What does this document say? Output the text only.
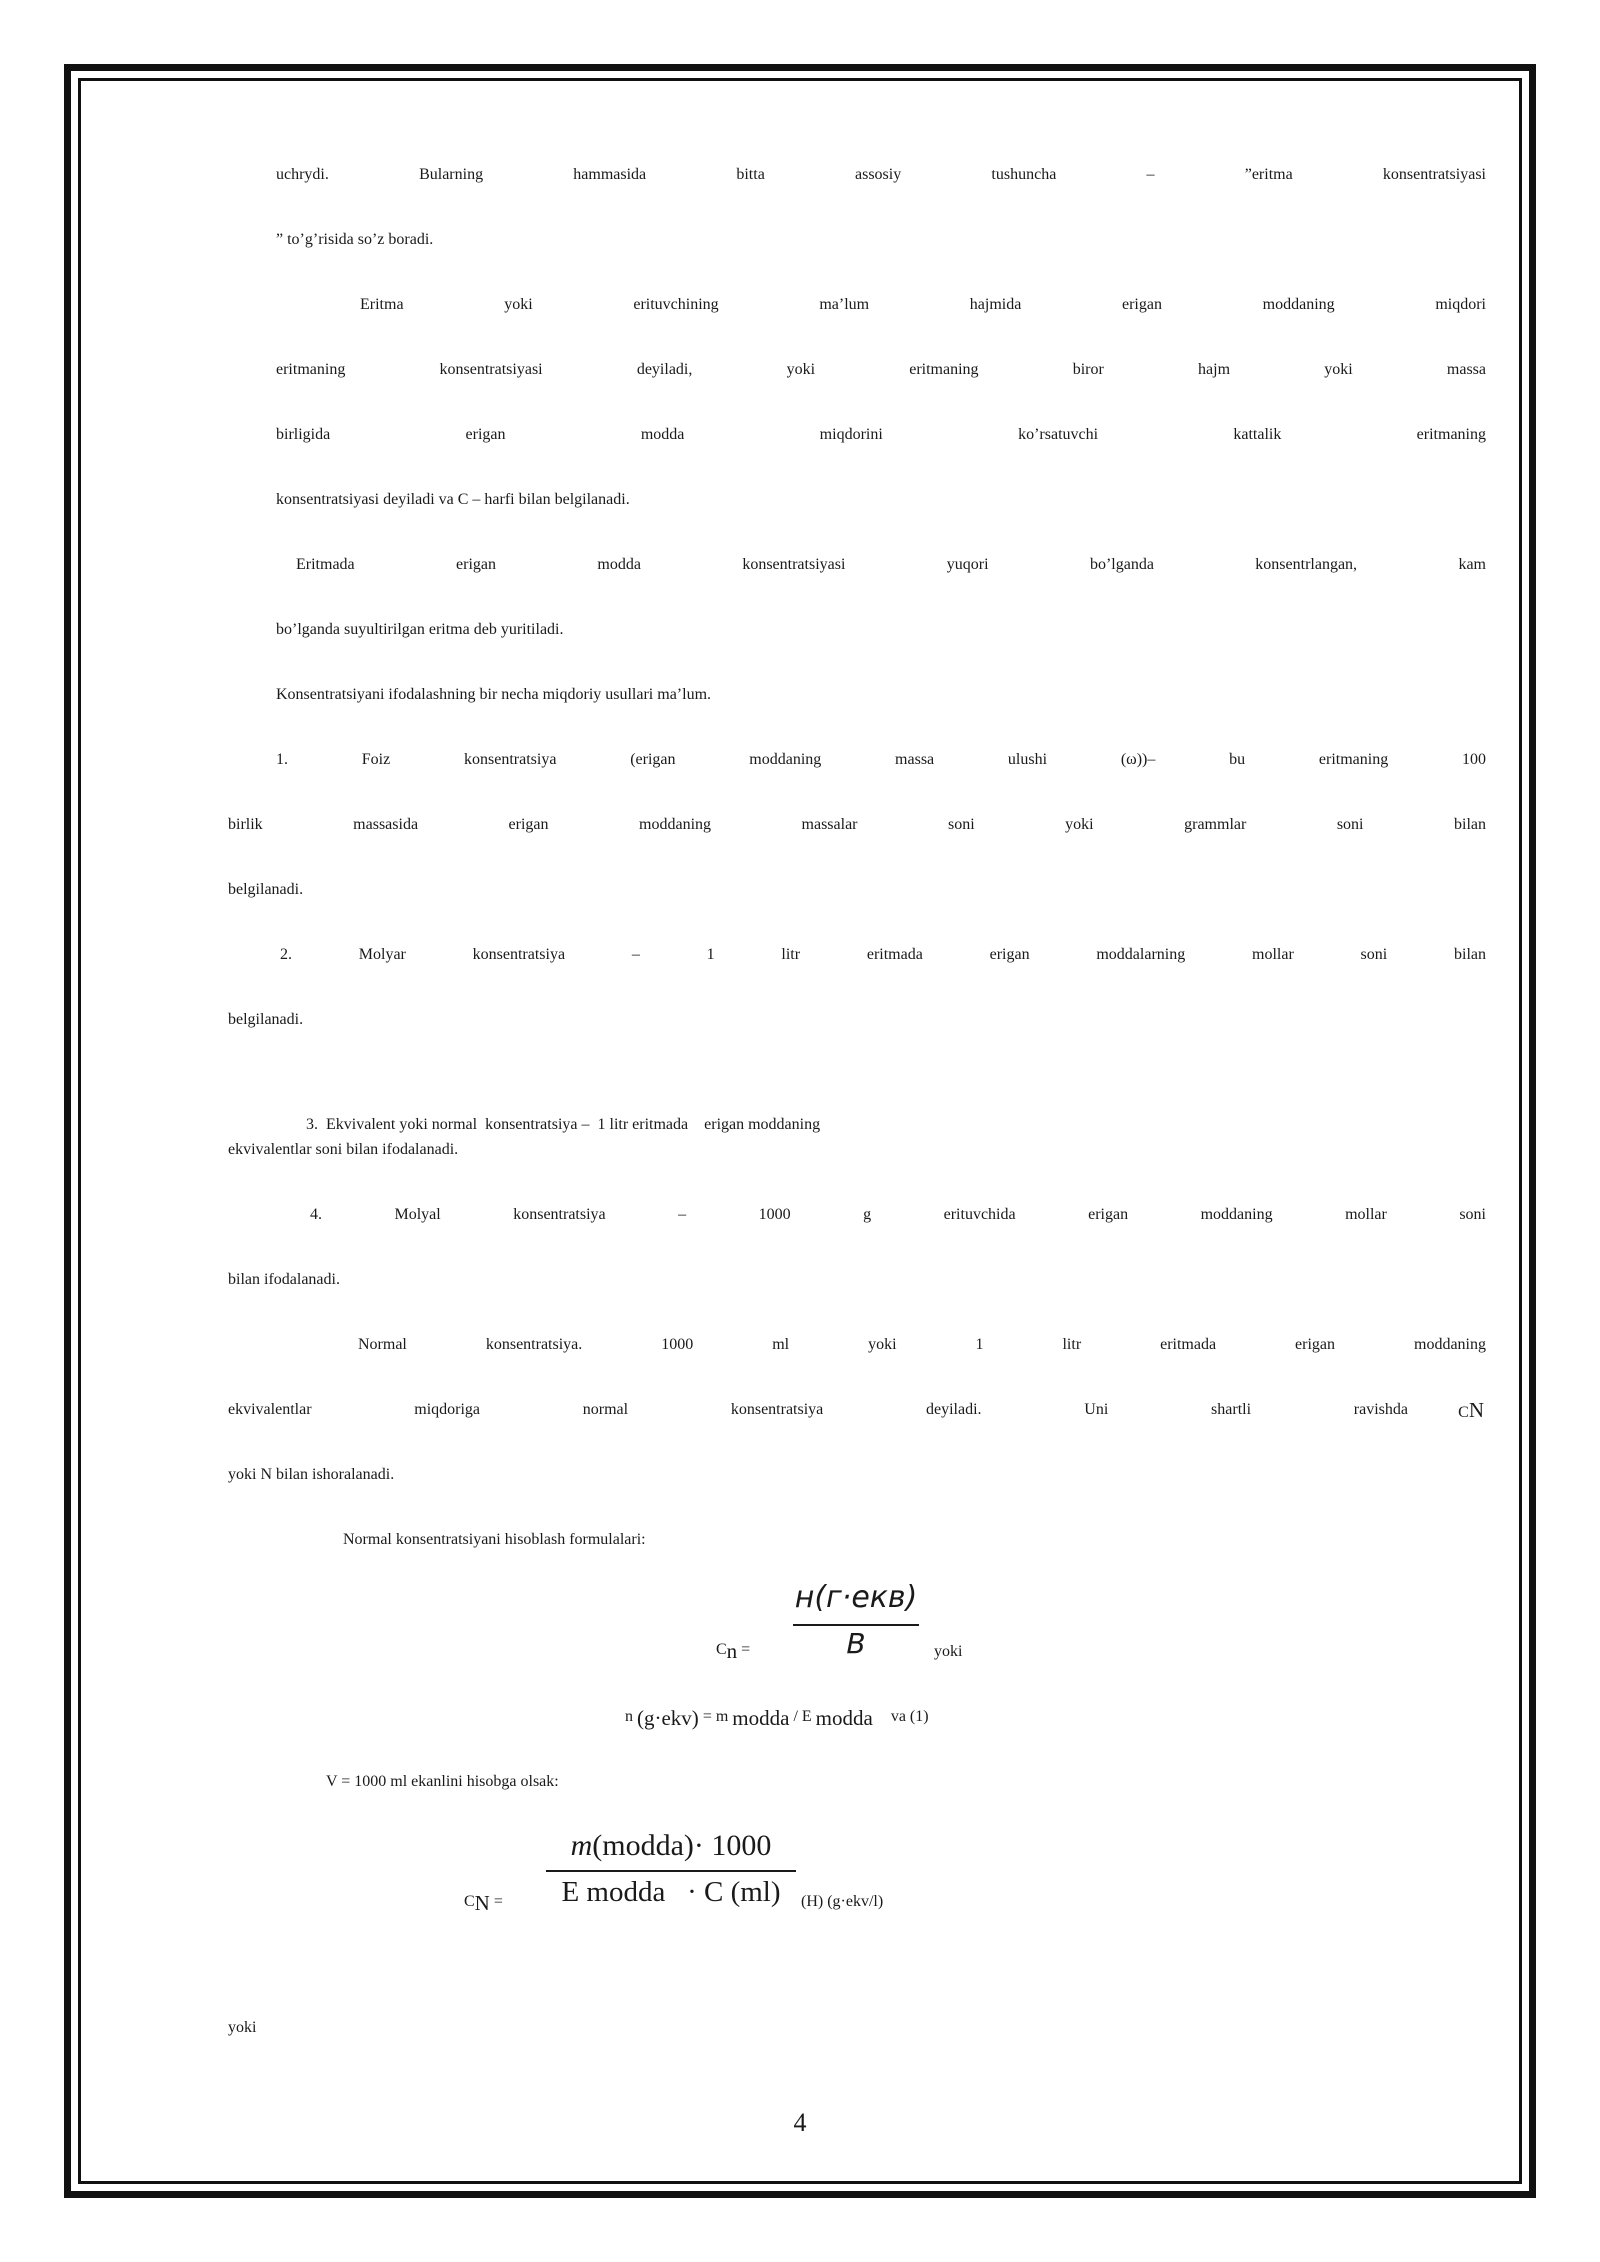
uchrydi. Bularning hammasida bitta assosiy tushuncha – ”eritma konsentratsiyasi
” to’g’risida so’z boradi.
Eritma yoki erituvchining ma’lum hajmida erigan moddaning miqdori
eritmaning konsentratsiyasi deyiladi, yoki eritmaning biror hajm yoki massa
birligida erigan modda miqdorini ko’rsatuvchi kattalik eritmaning
konsentratsiyasi deyiladi va C – harfi bilan belgilanadi.
Eritmada erigan modda konsentratsiyasi yuqori bo’lganda konsentrlangan, kam
bo’lganda suyultirilgan eritma deb yuritiladi.
Konsentratsiyani ifodalashning bir necha miqdoriy usullari ma’lum.
1. Foiz konsentratsiya (erigan moddaning massa ulushi (ω))– bu eritmaning 100
birlik massasida erigan moddaning massalar soni yoki grammlar soni bilan
belgilanadi.
2. Molyar konsentratsiya – 1 litr eritmada erigan moddalarning mollar soni bilan
belgilanadi.

3.  Ekvivalent yoki normal  konsentratsiya –  1 litr eritmada    erigan moddaning

ekvivalentlar soni bilan ifodalanadi.
4. Molyal konsentratsiya – 1000 g erituvchida erigan moddaning mollar soni
bilan ifodalanadi.
Normal konsentratsiya. 1000 ml yoki 1 litr eritmada erigan moddaning
ekvivalentlar miqdoriga normal konsentratsiya deyiladi. Uni shartli ravishda	CN
yoki N bilan ishoralanadi.
Normal konsentratsiyani hisoblash formulalari:
Cn =
н(г·екв)
В	yoki
n (g·ekv) = m modda / E modda va (1)
V = 1000 ml ekanlini hisobga olsak:
CN =
m(modda)· 1000
E modda   · C (ml)	(H) (g·ekv/l)
yoki
4
